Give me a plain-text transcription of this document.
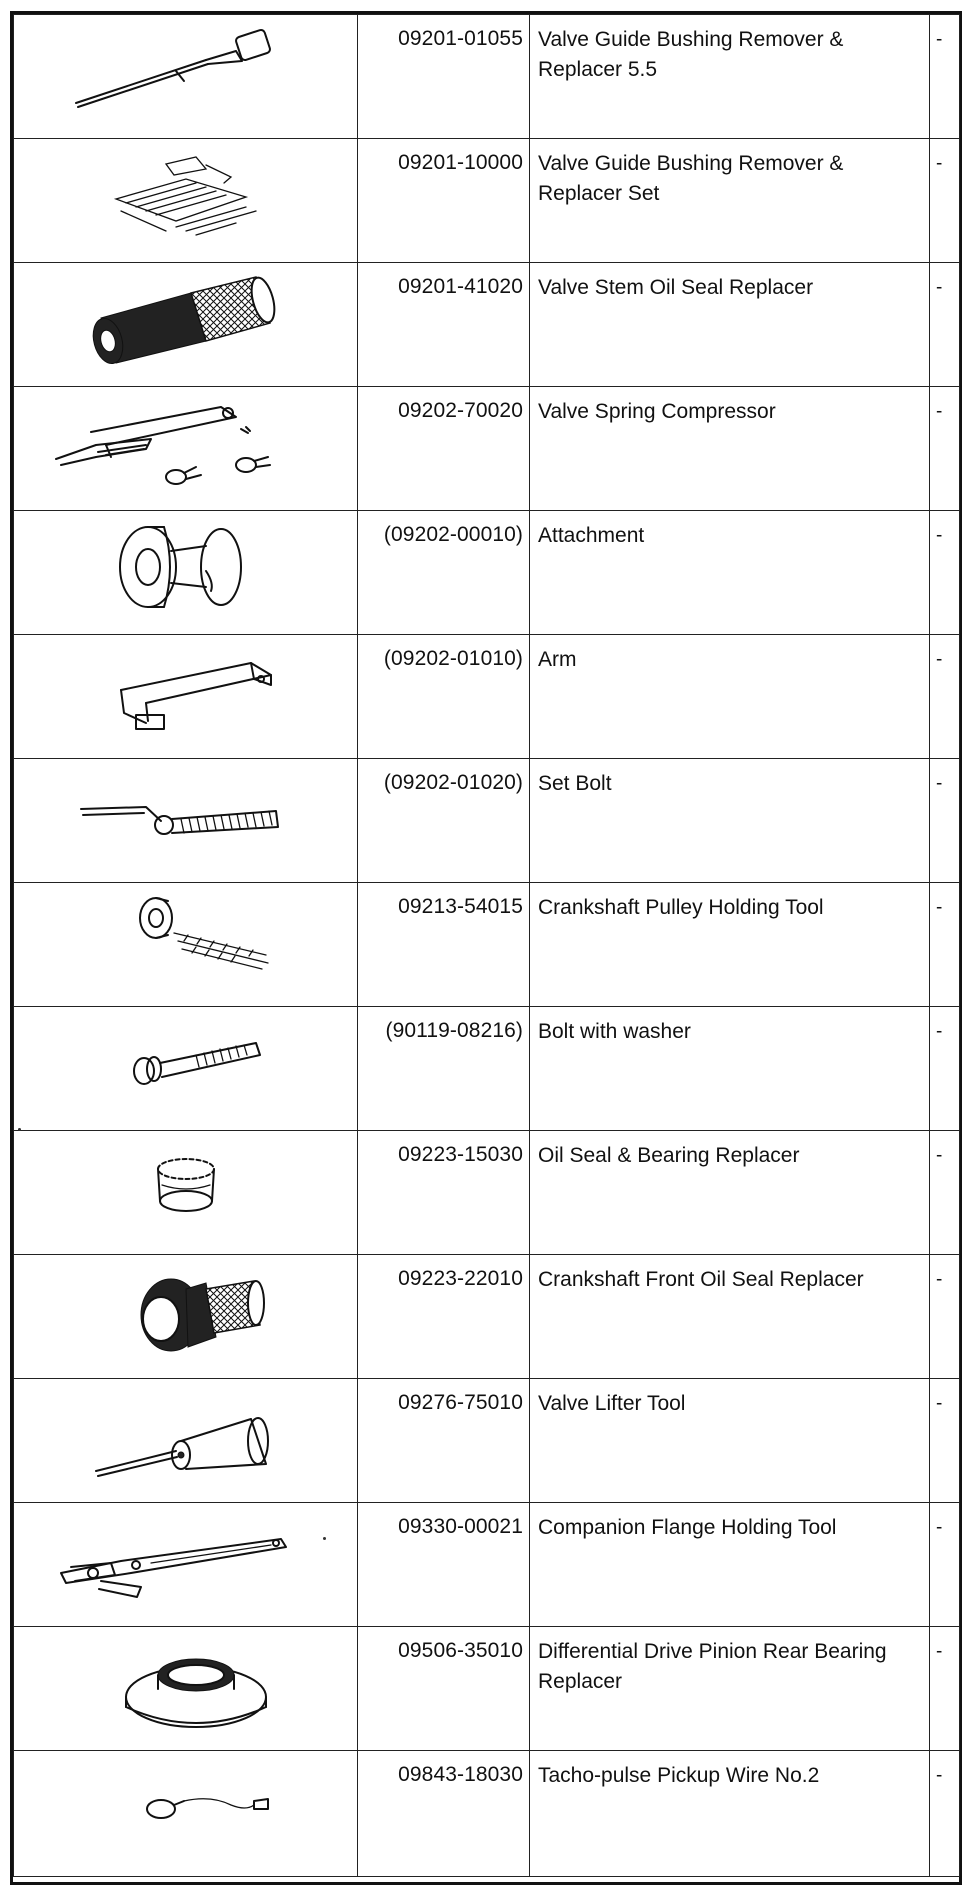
09201-01055	Valve Guide Bushing Remover & Replacer 5.5	-

09201-10000	Valve Guide Bushing Remover & Replacer Set	-

09201-41020	Valve Stem Oil Seal Replacer	-

09202-70020	Valve Spring Compressor	-

(09202-00010)	Attachment	-

(09202-01010)	Arm	-

(09202-01020)	Set Bolt	-

09213-54015	Crankshaft Pulley Holding Tool	-

(90119-08216)	Bolt with washer	-

09223-15030	Oil Seal & Bearing Replacer	-

09223-22010	Crankshaft Front Oil Seal Replacer	-

09276-75010	Valve Lifter Tool	-

09330-00021	Companion Flange Holding Tool	-

09506-35010	Differential Drive Pinion Rear Bearing Replacer	-

09843-18030	Tacho-pulse Pickup Wire No.2	-
